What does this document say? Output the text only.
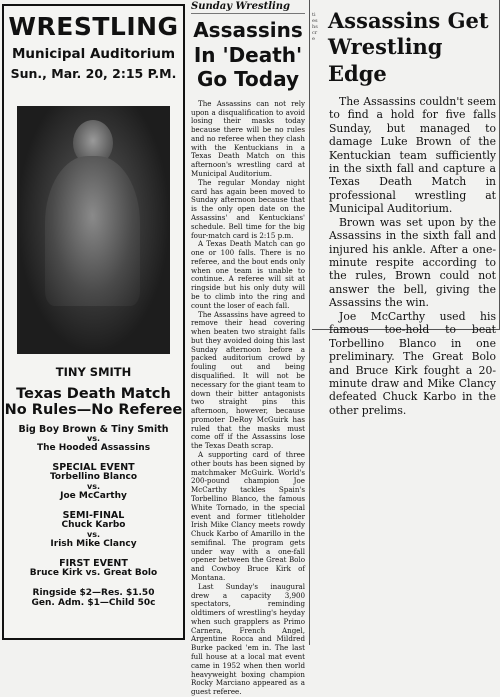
WRESTLING
Municipal Auditorium
Sun., Mar. 20, 2:15 P.M.
TINY SMITH
Texas Death Match
No Rules—No Referee
Big Boy Brown & Tiny Smith
vs.
The Hooded Assassins
SPECIAL EVENT
Torbellino Blanco
vs.
Joe McCarthy
SEMI-FINAL
Chuck Karbo
vs.
Irish Mike Clancy
FIRST EVENT
Bruce Kirk vs. Great Bolo
Ringside $2—Res. $1.50
Gen. Adm. $1—Child 50c
Sunday Wrestling
Assassins
In 'Death'
Go Today

The Assassins can not rely upon a disqualification to avoid losing their masks today because there will be no rules and no referee when they clash with the Kentuckians in a Texas Death Match on this afternoon's wrestling card at Municipal Auditorium.

The regular Monday night card has again been moved to Sunday afternoon because that is the only open date on the Assassins' and Kentuckians' schedule. Bell time for the big four-match card is 2:15 p.m.

A Texas Death Match can go one or 100 falls. There is no referee, and the bout ends only when one team is unable to continue. A referee will sit at ringside but his only duty will be to climb into the ring and count the loser of each fall.

The Assassins have agreed to remove their head covering when beaten two straight falls but they avoided doing this last Sunday afternoon before a packed auditorium crowd by fouling out and being disqualified. It will not be necessary for the giant team to down their bitter antagonists two straight pins this afternoon, however, because promoter DeRoy McGuirk has ruled that the masks must come off if the Assassins lose the Texas Death scrap.

A supporting card of three other bouts has been signed by matchmaker McGuirk. World's 200-pound champion Joe McCarthy tackles Spain's Torbellino Blanco, the famous White Tornado, in the special event and former titleholder Irish Mike Clancy meets rowdy Chuck Karbo of Amarillo in the semifinal. The program gets under way with a one-fall opener between the Great Bolo and Cowboy Bruce Kirk of Montana.

Last Sunday's inaugural drew a capacity 3,900 spectators, reminding oldtimers of wrestling's heyday when such grapplers as Primo Carnera, French Angel, Argentine Rocca and Mildred Burke packed 'em in. The last full house at a local mat event came in 1952 when then world heavyweight boxing champion Rocky Marciano appeared as a guest referee.

tieshscre
Assassins Get
Wrestling Edge

The Assassins couldn't seem to find a hold for five falls Sunday, but managed to damage Luke Brown of the Kentuckian team sufficiently in the sixth fall and capture a Texas Death Match in professional wrestling at Municipal Auditorium.

Brown was set upon by the Assassins in the sixth fall and injured his ankle. After a one-minute respite according to the rules, Brown could not answer the bell, giving the Assassins the win.

Joe McCarthy used his famous toe-hold to beat Torbellino Blanco in one preliminary. The Great Bolo and Bruce Kirk fought a 20-minute draw and Mike Clancy defeated Chuck Karbo in the other prelims.
